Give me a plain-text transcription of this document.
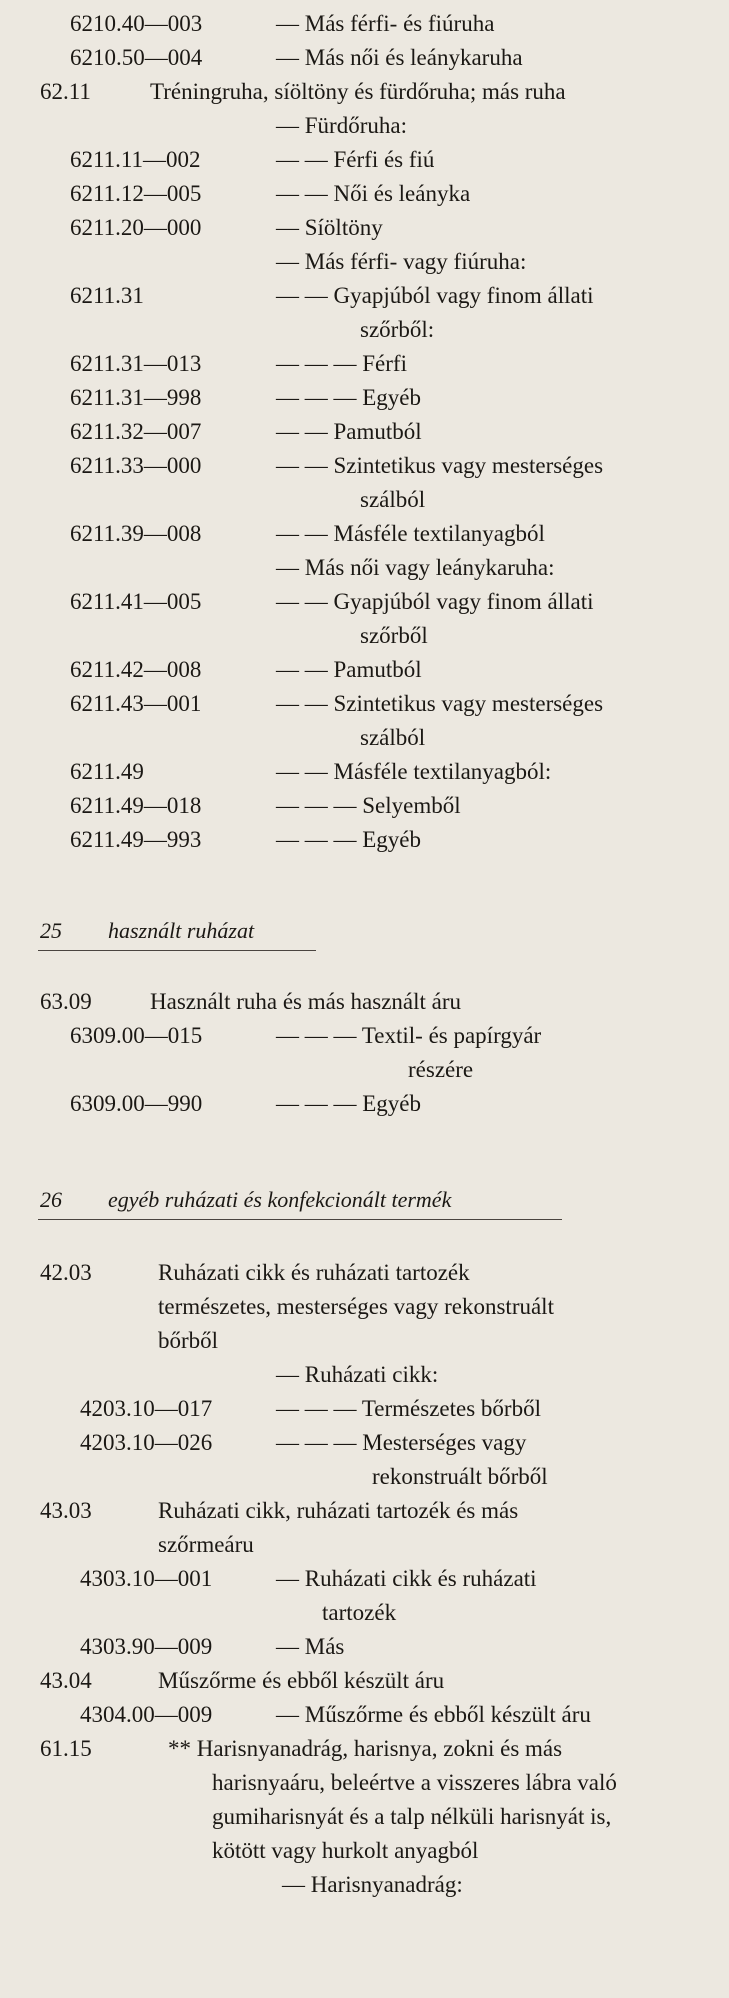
6210.40—003	— Más férfi- és fiúruha
6210.50—004	— Más női és leánykaruha
62.11	Tréningruha, síöltöny és fürdőruha; más ruha
— Fürdőruha:
6211.11—002	— — Férfi és fiú
6211.12—005	— — Női és leányka
6211.20—000	— Síöltöny
— Más férfi- vagy fiúruha:
6211.31	— — Gyapjúból vagy finom állati
szőrből:
6211.31—013	— — — Férfi
6211.31—998	— — — Egyéb
6211.32—007	— — Pamutból
6211.33—000	— — Szintetikus vagy mesterséges
szálból
6211.39—008	— — Másféle textilanyagból
— Más női vagy leánykaruha:
6211.41—005	— — Gyapjúból vagy finom állati
szőrből
6211.42—008	— — Pamutból
6211.43—001	— — Szintetikus vagy mesterséges
szálból
6211.49	— — Másféle textilanyagból:
6211.49—018	— — — Selyemből
6211.49—993	— — — Egyéb
25 használt ruházat
63.09	Használt ruha és más használt áru
6309.00—015	— — — Textil- és papírgyár
részére
6309.00—990	— — — Egyéb
26 egyéb ruházati és konfekcionált termék
42.03	Ruházati cikk és ruházati tartozék
természetes, mesterséges vagy rekonstruált
bőrből
— Ruházati cikk:
4203.10—017	— — — Természetes bőrből
4203.10—026	— — — Mesterséges vagy
rekonstruált bőrből
43.03	Ruházati cikk, ruházati tartozék és más
szőrmeáru
4303.10—001	— Ruházati cikk és ruházati
tartozék
4303.90—009	— Más
43.04	Műszőrme és ebből készült áru
4304.00—009	— Műszőrme és ebből készült áru
61.15	** Harisnyanadrág, harisnya, zokni és más
harisnyaáru, beleértve a visszeres lábra való
gumiharisnyát és a talp nélküli harisnyát is,
kötött vagy hurkolt anyagból
— Harisnyanadrág:
